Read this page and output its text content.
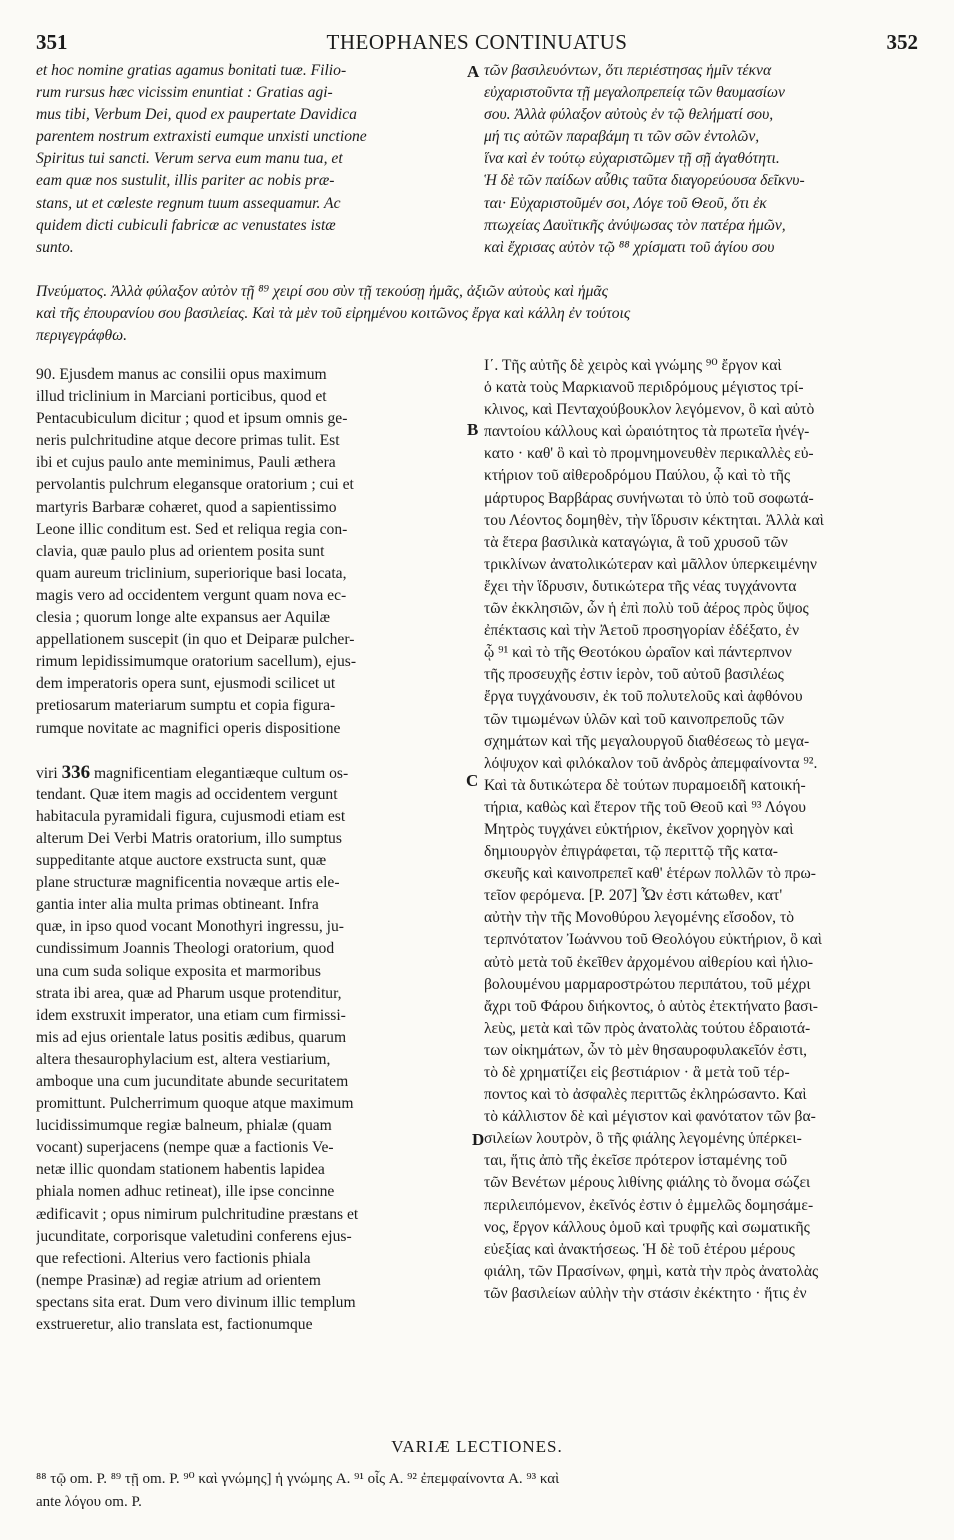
351	THEOPHANES CONTINUATUS	352
et hoc nomine gratias agamus bonitati tuæ. Filio-
rum rursus hæc vicissim enuntiat : Gratias agi-
mus tibi, Verbum Dei, quod ex paupertate Davidica
parentem nostrum extraxisti eumque unxisti unctione
Spiritus tui sancti. Verum serva eum manu tua, et
eam quæ nos sustulit, illis pariter ac nobis præ-
stans, ut et cœleste regnum tuum assequamur. Ac
quidem dicti cubiculi fabricæ ac venustates istæ
sunto.
τῶν βασιλευόντων, ὅτι περιέστησας ἡμῖν τέκνα
εὐχαριστοῦντα τῇ μεγαλοπρεπείᾳ τῶν θαυμασίων
σου. Ἀλλὰ φύλαξον αὐτοὺς ἐν τῷ θελήματί σου,
μή τις αὐτῶν παραβάμη τι τῶν σῶν ἐντολῶν,
ἵνα καὶ ἐν τούτῳ εὐχαριστῶμεν τῇ σῇ ἀγαθότητι.
Ἡ δὲ τῶν παίδων αὖθις ταῦτα διαγορεύουσα δεῖκνυ-
ται· Εὐχαριστοῦμέν σοι, Λόγε τοῦ Θεοῦ, ὅτι ἐκ
πτωχείας Δαυϊτικῆς ἀνύψωσας τὸν πατέρα ἡμῶν,
καὶ ἔχρισας αὐτὸν τῷ ⁸⁸ χρίσματι τοῦ ἁγίου σου
Πνεύματος. Ἀλλὰ φύλαξον αὐτὸν τῇ ⁸⁹ χειρί σου σὺν τῇ τεκούσῃ ἡμᾶς, ἀξιῶν αὐτοὺς καὶ ἡμᾶς
καὶ τῆς ἐπουρανίου σου βασιλείας. Καὶ τὰ μὲν τοῦ εἰρημένου κοιτῶνος ἔργα καὶ κάλλη ἐν τούτοις
περιγεγράφθω.
A
B
C
D
90. Ejusdem manus ac consilii opus maximum
illud triclinium in Marciani porticibus, quod et
Pentacubiculum dicitur ; quod et ipsum omnis ge-
neris pulchritudine atque decore primas tulit. Est
ibi et cujus paulo ante meminimus, Pauli æthera
pervolantis pulchrum elegansque oratorium ; cui et
martyris Barbaræ cohæret, quod a sapientissimo
Leone illic conditum est. Sed et reliqua regia con-
clavia, quæ paulo plus ad orientem posita sunt
quam aureum triclinium, superiorique basi locata,
magis vero ad occidentem vergunt quam nova ec-
clesia ; quorum longe alte expansus aer Aquilæ
appellationem suscepit (in quo et Deiparæ pulcher-
rimum lepidissimumque oratorium sacellum), ejus-
dem imperatoris opera sunt, ejusmodi scilicet ut
pretiosarum materiarum sumptu et copia figura-
rumque novitate ac magnifici operis dispositione
viri 336 magnificentiam elegantiæque cultum os-
tendant. Quæ item magis ad occidentem vergunt
habitacula pyramidali figura, cujusmodi etiam est
alterum Dei Verbi Matris oratorium, illo sumptus
suppeditante atque auctore exstructa sunt, quæ
plane structuræ magnificentia novæque artis ele-
gantia inter alia multa primas obtineant. Infra
quæ, in ipso quod vocant Monothyri ingressu, ju-
cundissimum Joannis Theologi oratorium, quod
una cum suda solique exposita et marmoribus
strata ibi area, quæ ad Pharum usque protenditur,
idem exstruxit imperator, una etiam cum firmissi-
mis ad ejus orientale latus positis ædibus, quarum
altera thesaurophylacium est, altera vestiarium,
amboque una cum jucunditate abunde securitatem
promittunt. Pulcherrimum quoque atque maximum
lucidissimumque regiæ balneum, phialæ (quam
vocant) superjacens (nempe quæ a factionis Ve-
netæ illic quondam stationem habentis lapidea
phiala nomen adhuc retineat), ille ipse concinne
ædificavit ; opus nimirum pulchritudine præstans et
jucunditate, corporisque valetudini conferens ejus-
que refectioni. Alterius vero factionis phiala
(nempe Prasinæ) ad regiæ atrium ad orientem
spectans sita erat. Dum vero divinum illic templum
exstrueretur, alio translata est, factionumque
Ι΄. Τῆς αὐτῆς δὲ χειρὸς καὶ γνώμης ⁹⁰ ἔργον καὶ
ὁ κατὰ τοὺς Μαρκιανοῦ περιδρόμους μέγιστος τρί-
κλινος, καὶ Πενταχούβουκλον λεγόμενον, ὃ καὶ αὐτὸ
παντοίου κάλλους καὶ ὡραιότητος τὰ πρωτεῖα ἠνέγ-
κατο · καθ' ὃ καὶ τὸ προμνημονευθὲν περικαλλὲς εὐ-
κτήριον τοῦ αἰθεροδρόμου Παύλου, ᾧ καὶ τὸ τῆς
μάρτυρος Βαρβάρας συνήνωται τὸ ὑπὸ τοῦ σοφωτά-
του Λέοντος δομηθὲν, τὴν ἵδρυσιν κέκτηται. Ἀλλὰ καὶ
τὰ ἕτερα βασιλικὰ καταγώγια, ἃ τοῦ χρυσοῦ τῶν
τρικλίνων ἀνατολικώτεραν καὶ μᾶλλον ὑπερκειμένην
ἔχει τὴν ἵδρυσιν, δυτικώτερα τῆς νέας τυγχάνοντα
τῶν ἐκκλησιῶν, ὧν ἡ ἐπὶ πολὺ τοῦ ἀέρος πρὸς ὕψος
ἐπέκτασις καὶ τὴν Ἀετοῦ προσηγορίαν ἐδέξατο, ἐν
ᾧ ⁹¹ καὶ τὸ τῆς Θεοτόκου ὡραῖον καὶ πάντερπνον
τῆς προσευχῆς ἐστιν ἱερὸν, τοῦ αὐτοῦ βασιλέως
ἔργα τυγχάνουσιν, ἐκ τοῦ πολυτελοῦς καὶ ἀφθόνου
τῶν τιμωμένων ὑλῶν καὶ τοῦ καινοπρεποῦς τῶν
σχημάτων καὶ τῆς μεγαλουργοῦ διαθέσεως τὸ μεγα-
λόψυχον καὶ φιλόκαλον τοῦ ἀνδρὸς ἀπεμφαίνοντα ⁹².
Καὶ τὰ δυτικώτερα δὲ τούτων πυραμοειδῆ κατοική-
τήρια, καθὼς καὶ ἕτερον τῆς τοῦ Θεοῦ καὶ ⁹³ Λόγου
Μητρὸς τυγχάνει εὐκτήριον, ἐκεῖνον χορηγὸν καὶ
δημιουργὸν ἐπιγράφεται, τῷ περιττῷ τῆς κατα-
σκευῆς καὶ καινοπρεπεῖ καθ' ἑτέρων πολλῶν τὸ πρω-
τεῖον φερόμενα. [P. 207] Ὧν ἐστι κάτωθεν, κατ'
αὐτὴν τὴν τῆς Μονοθύρου λεγομένης εἴσοδον, τὸ
τερπνότατον Ἰωάννου τοῦ Θεολόγου εὐκτήριον, ὃ καὶ
αὐτὸ μετὰ τοῦ ἐκεῖθεν ἀρχομένου αἰθερίου καὶ ἡλιο-
βολουμένου μαρμαροστρώτου περιπάτου, τοῦ μέχρι
ἄχρι τοῦ Φάρου διήκοντος, ὁ αὐτὸς ἐτεκτήνατο βασι-
λεὺς, μετὰ καὶ τῶν πρὸς ἀνατολὰς τούτου ἑδραιοτά-
των οἰκημάτων, ὧν τὸ μὲν θησαυροφυλακεῖόν ἐστι,
τὸ δὲ χρηματίζει εἰς βεστιάριον · ἃ μετὰ τοῦ τέρ-
ποντος καὶ τὸ ἀσφαλὲς περιττῶς ἐκληρώσαντο. Καὶ
τὸ κάλλιστον δὲ καὶ μέγιστον καὶ φανότατον τῶν βα-
σιλείων λουτρὸν, ὃ τῆς φιάλης λεγομένης ὑπέρκει-
ται, ἥτις ἀπὸ τῆς ἐκεῖσε πρότερον ἱσταμένης τοῦ
τῶν Βενέτων μέρους λιθίνης φιάλης τὸ ὄνομα σώζει
περιλειπόμενον, ἐκεῖνός ἐστιν ὁ ἐμμελῶς δομησάμε-
νος, ἔργον κάλλους ὁμοῦ καὶ τρυφῆς καὶ σωματικῆς
εὐεξίας καὶ ἀνακτήσεως. Ἡ δὲ τοῦ ἑτέρου μέρους
φιάλη, τῶν Πρασίνων, φημὶ, κατὰ τὴν πρὸς ἀνατολὰς
τῶν βασιλείων αὐλὴν τὴν στάσιν ἐκέκτητο · ἥτις ἐν
VARIÆ LECTIONES.
⁸⁸ τῷ om. P. ⁸⁹ τῇ om. P. ⁹⁰ καὶ γνώμης] ἡ γνώμης A. ⁹¹ οἷς A. ⁹² ἐπεμφαίνοντα A. ⁹³ καὶ
ante λόγου om. P.
